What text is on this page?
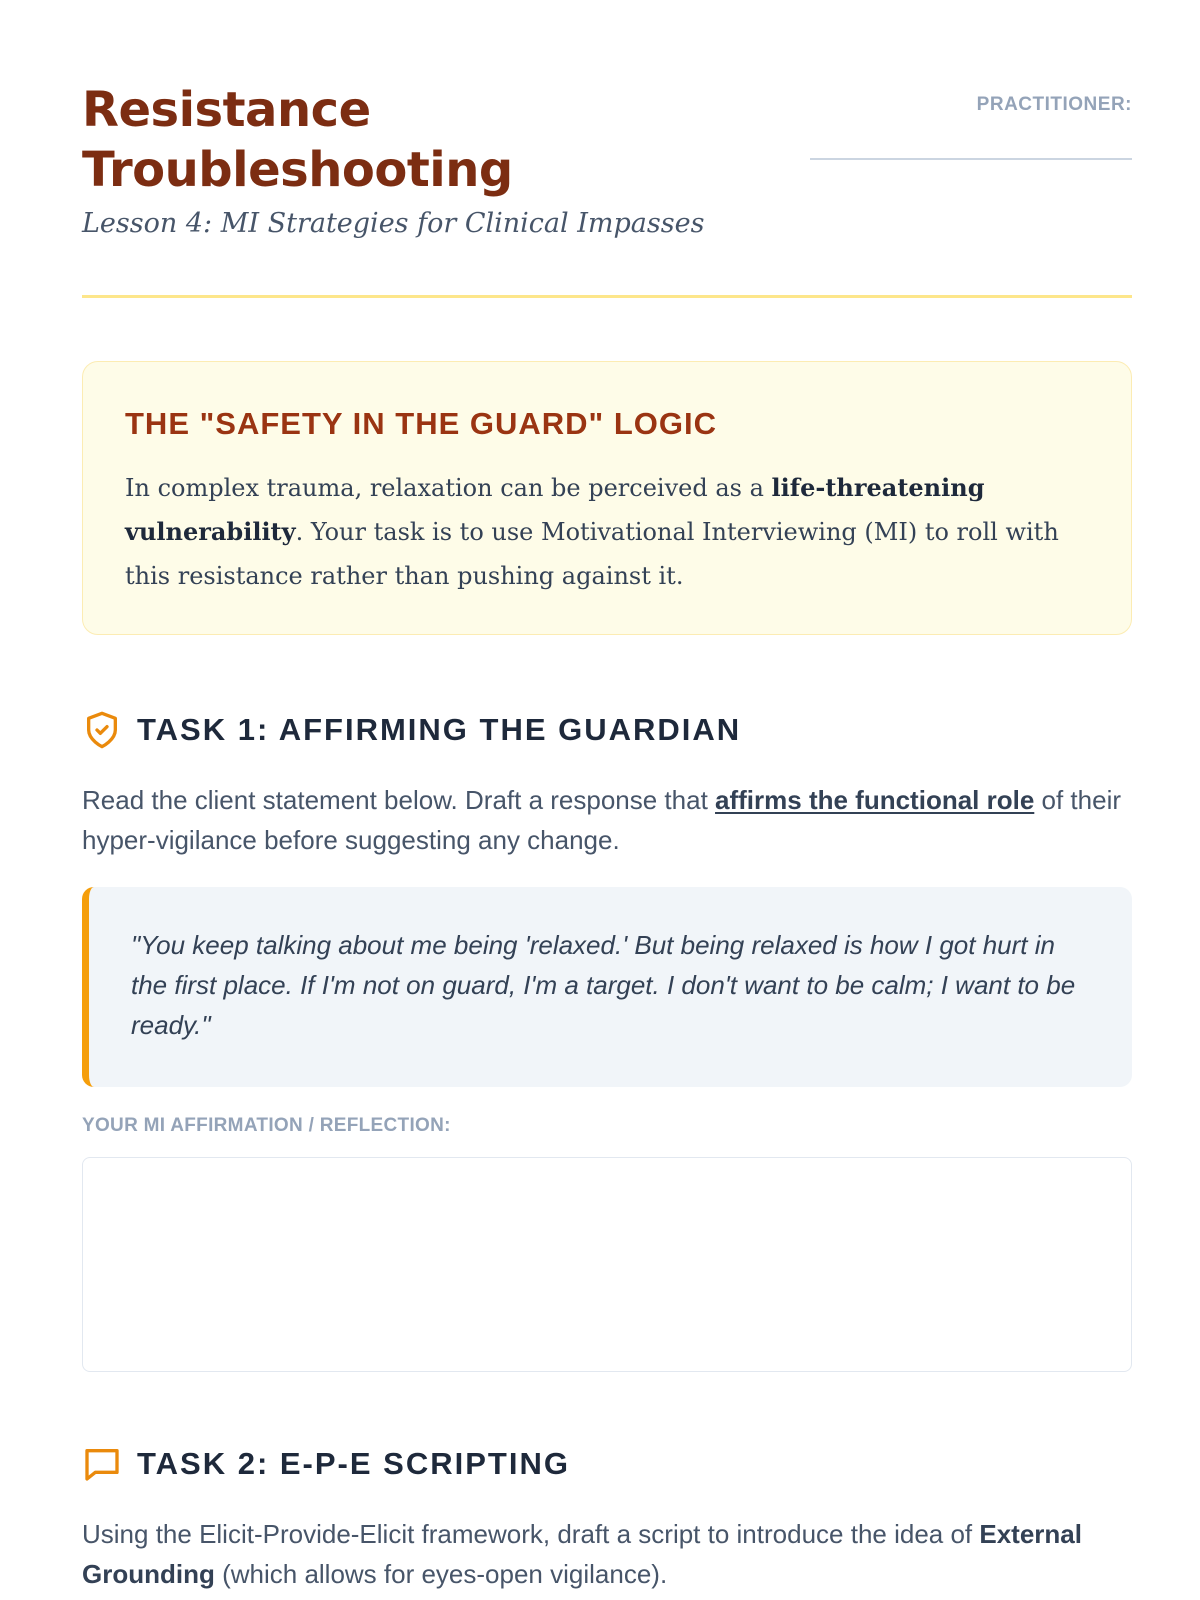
Resistance
Troubleshooting
Lesson 4: MI Strategies for Clinical Impasses
PRACTITIONER:
THE "SAFETY IN THE GUARD" LOGIC
In complex trauma, relaxation can be perceived as a life-threatening vulnerability. Your task is to use Motivational Interviewing (MI) to roll with this resistance rather than pushing against it.
TASK 1: AFFIRMING THE GUARDIAN
Read the client statement below. Draft a response that affirms the functional role of their hyper-vigilance before suggesting any change.
"You keep talking about me being 'relaxed.' But being relaxed is how I got hurt in the first place. If I'm not on guard, I'm a target. I don't want to be calm; I want to be ready."
YOUR MI AFFIRMATION / REFLECTION:
TASK 2: E-P-E SCRIPTING
Using the Elicit-Provide-Elicit framework, draft a script to introduce the idea of External Grounding (which allows for eyes-open vigilance).
